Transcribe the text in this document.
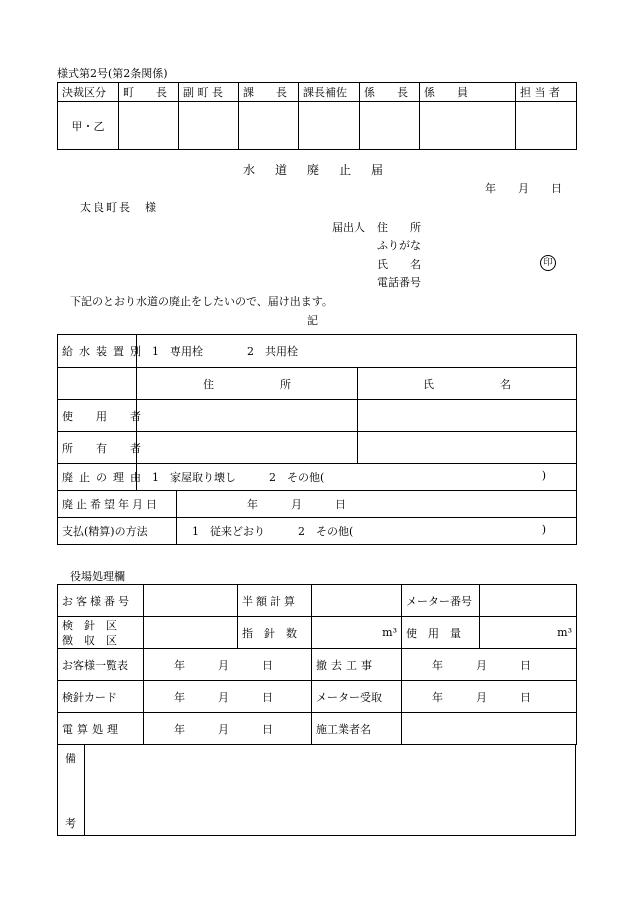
様式第2号(第2条関係)
決裁区分	町　　長	副 町 長	課　　長	課長補佐	係　　長	係　　員	担 当 者
甲・乙							
水　道　廃　止　届
年　　月　　日
太良町長　様
届出人 住　　所
ふりがな
氏　　名	印
電話番号
下記のとおり水道の廃止をしたいので、届け出ます。
記
給水装置別	1　専用栓　　　　2　共用栓		
	住　　　　　　所		氏　　　　　　名
使　用　者			
所　有　者			
廃止の理由	1　家屋取り壊し　　　2　その他( )		

廃止希望年月日		年　　　月　　　日	
支払(精算)の方法		1　従来どおり　　　2　その他( )	
役場処理欄
お客様番号		半額計算		メーター番号	

検　針　区
徴　収　区		指　針　数	m³	使　用　量	m³
お客様一覧表	年　　　月　　　日		撤去工事	年　　　月　　　日	
検針カード	年　　　月　　　日		メーター受取	年　　　月　　　日	
電算処理	年　　　月　　　日		施工業者名		
備
考
